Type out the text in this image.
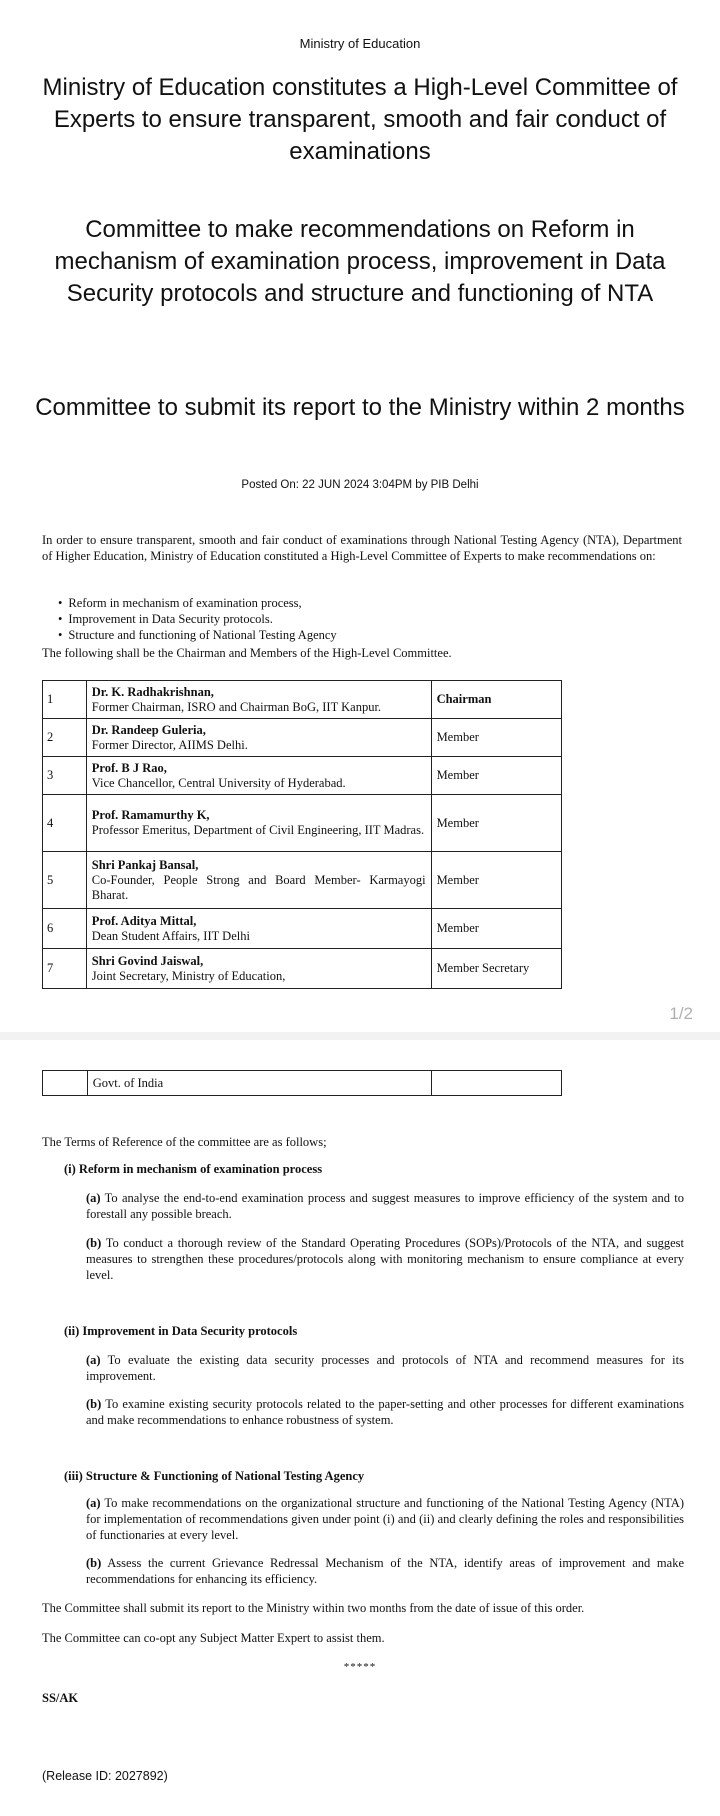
Ministry of Education
Ministry of Education constitutes a High-Level Committee of Experts to ensure transparent, smooth and fair conduct of examinations
Committee to make recommendations on Reform in mechanism of examination process, improvement in Data Security protocols and structure and functioning of NTA
Committee to submit its report to the Ministry within 2 months
Posted On: 22 JUN 2024 3:04PM by PIB Delhi
In order to ensure transparent, smooth and fair conduct of examinations through National Testing Agency (NTA), Department of Higher Education, Ministry of Education constituted a High-Level Committee of Experts to make recommendations on:
• Reform in mechanism of examination process,
• Improvement in Data Security protocols.
• Structure and functioning of National Testing Agency
The following shall be the Chairman and Members of the High-Level Committee.
1	Dr. K. Radhakrishnan,
Former Chairman, ISRO and Chairman BoG, IIT Kanpur.	Chairman
2	Dr. Randeep Guleria,
Former Director, AIIMS Delhi.	Member
3	Prof. B J Rao,
Vice Chancellor, Central University of Hyderabad.	Member
4	Prof. Ramamurthy K,
Professor Emeritus, Department of Civil Engineering, IIT Madras.	Member
5	Shri Pankaj Bansal,
Co-Founder, People Strong and Board Member- Karmayogi Bharat.	Member
6	Prof. Aditya Mittal,
Dean Student Affairs, IIT Delhi	Member
7	Shri Govind Jaiswal,
Joint Secretary, Ministry of Education,	Member Secretary
1/2
	Govt. of India	
The Terms of Reference of the committee are as follows;
(i) Reform in mechanism of examination process
(a) To analyse the end-to-end examination process and suggest measures to improve efficiency of the system and to forestall any possible breach.
(b) To conduct a thorough review of the Standard Operating Procedures (SOPs)/Protocols of the NTA, and suggest measures to strengthen these procedures/protocols along with monitoring mechanism to ensure compliance at every level.
(ii) Improvement in Data Security protocols
(a) To evaluate the existing data security processes and protocols of NTA and recommend measures for its improvement.
(b) To examine existing security protocols related to the paper-setting and other processes for different examinations and make recommendations to enhance robustness of system.
(iii) Structure & Functioning of National Testing Agency
(a) To make recommendations on the organizational structure and functioning of the National Testing Agency (NTA) for implementation of recommendations given under point (i) and (ii) and clearly defining the roles and responsibilities of functionaries at every level.
(b) Assess the current Grievance Redressal Mechanism of the NTA, identify areas of improvement and make recommendations for enhancing its efficiency.
The Committee shall submit its report to the Ministry within two months from the date of issue of this order.
The Committee can co-opt any Subject Matter Expert to assist them.
*****
SS/AK
(Release ID: 2027892)
